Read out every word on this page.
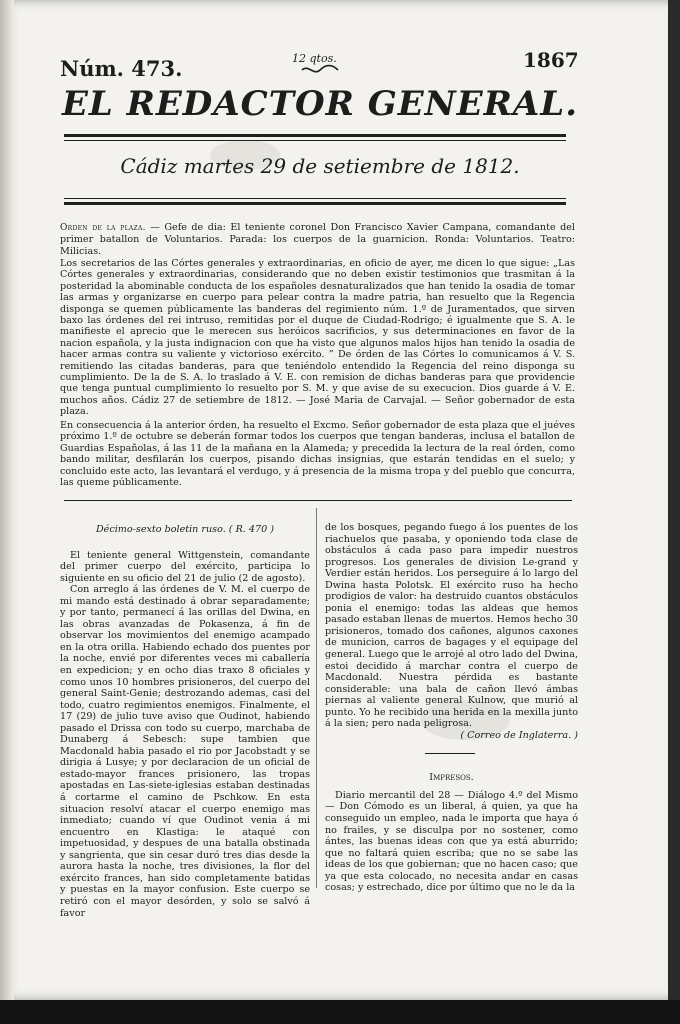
Núm. 473.	12 qtos.	1867
EL REDACTOR GENERAL.
Cádiz martes 29 de setiembre de 1812.

Orden de la plaza. — Gefe de dia: El teniente coronel Don Francisco Xavier Campana, comandante del primer batallon de Voluntarios. Parada: los cuerpos de la guarnicion. Ronda: Voluntarios. Teatro: Milicias.

Los secretarios de las Córtes generales y extraordinarias, en oficio de ayer, me dicen lo que sigue: „Las Córtes generales y extraordinarias, considerando que no deben existir testimonios que trasmitan á la posteridad la abominable conducta de los españoles desnaturalizados que han tenido la osadia de tomar las armas y organizarse en cuerpo para pelear contra la madre patria, han resuelto que la Regencia disponga se quemen públicamente las banderas del regimiento núm. 1.º de Juramentados, que sirven baxo las órdenes del rei intruso, remitidas por el duque de Ciudad-Rodrigo; é igualmente que S. A. le manifieste el aprecio que le merecen sus heróicos sacrificios, y sus determinaciones en favor de la nacion española, y la justa indignacion con que ha visto que algunos malos hijos han tenido la osadia de hacer armas contra su valiente y victorioso exército. ” De órden de las Córtes lo comunicamos á V. S. remitiendo las citadas banderas, para que teniéndolo entendido la Regencia del reino disponga su cumplimiento. De la de S. A. lo traslado á V. E. con remision de dichas banderas para que providencie que tenga puntual cumplimiento lo resuelto por S. M. y que avise de su execucion. Dios guarde á V. E. muchos años. Cádiz 27 de setiembre de 1812. — José Maria de Carvajal. — Señor gobernador de esta plaza.

En consecuencia á la anterior órden, ha resuelto el Excmo. Señor gobernador de esta plaza que el juéves próximo 1.º de octubre se deberán formar todos los cuerpos que tengan banderas, inclusa el batallon de Guardias Españolas, á las 11 de la mañana en la Alameda; y precedida la lectura de la real órden, como bando militar, desfilarán los cuerpos, pisando dichas insignias, que estarán tendidas en el suelo; y concluido este acto, las levantará el verdugo, y á presencia de la misma tropa y del pueblo que concurra, las queme públicamente.

Décimo-sexto boletin ruso. ( R. 470 )

El teniente general Wittgenstein, comandante del primer cuerpo del exército, participa lo siguiente en su oficio del 21 de julio (2 de agosto).

Con arreglo á las órdenes de V. M. el cuerpo de mi mando está destinado á obrar separadamente; y por tanto, permanecí á las orillas del Dwina, en las obras avanzadas de Pokasenza, á fin de observar los movimientos del enemigo acampado en la otra orilla. Habiendo echado dos puentes por la noche, envié por diferentes veces mi caballería en expedicion; y en ocho dias traxo 8 oficiales y como unos 10 hombres prisioneros, del cuerpo del general Saint-Genie; destrozando ademas, casi del todo, cuatro regimientos enemigos. Finalmente, el 17 (29) de julio tuve aviso que Oudinot, habiendo pasado el Drissa con todo su cuerpo, marchaba de Dunaberg á Sebesch: supe tambien que Macdonald habia pasado el rio por Jacobstadt y se dirigia á Lusye; y por declaracion de un oficial de estado-mayor frances prisionero, las tropas apostadas en Las-siete-iglesias estaban destinadas á cortarme el camino de Pschkow. En esta situacion resolví atacar el cuerpo enemigo mas inmediato; cuando ví que Oudinot venia á mi encuentro en Klastiga: le ataqué con impetuosidad, y despues de una batalla obstinada y sangrienta, que sin cesar duró tres dias desde la aurora hasta la noche, tres divisiones, la flor del exército frances, han sido completamente batidas y puestas en la mayor confusion. Este cuerpo se retiró con el mayor desórden, y solo se salvó á favor

de los bosques, pegando fuego á los puentes de los riachuelos que pasaba, y oponiendo toda clase de obstáculos á cada paso para impedir nuestros progresos. Los generales de division Le-grand y Verdier están heridos. Los perseguire á lo largo del Dwina hasta Polotsk. El exército ruso ha hecho prodigios de valor: ha destruido cuantos obstáculos ponia el enemigo: todas las aldeas que hemos pasado estaban llenas de muertos. Hemos hecho 30 prisioneros, tomado dos cañones, algunos caxones de municion, carros de bagages y el equipage del general. Luego que le arrojé al otro lado del Dwina, estoi decidido á marchar contra el cuerpo de Macdonald. Nuestra pérdida es bastante considerable: una bala de cañon llevó ámbas piernas al valiente general Kulnow, que murió al punto. Yo he recibido una herida en la mexilla junto á la sien; pero nada peligrosa.

( Correo de Inglaterra. )

Impresos.

Diario mercantil del 28 — Diálogo 4.º del Mismo — Don Cómodo es un liberal, á quien, ya que ha conseguido un empleo, nada le importa que haya ó no frailes, y se disculpa por no sostener, como ántes, las buenas ideas con que ya está aburrido; que no faltará quien escriba; que no se sabe las ideas de los que gobiernan; que no hacen caso; que ya que esta colocado, no necesita andar en casas cosas; y estrechado, dice por último que no le da la
